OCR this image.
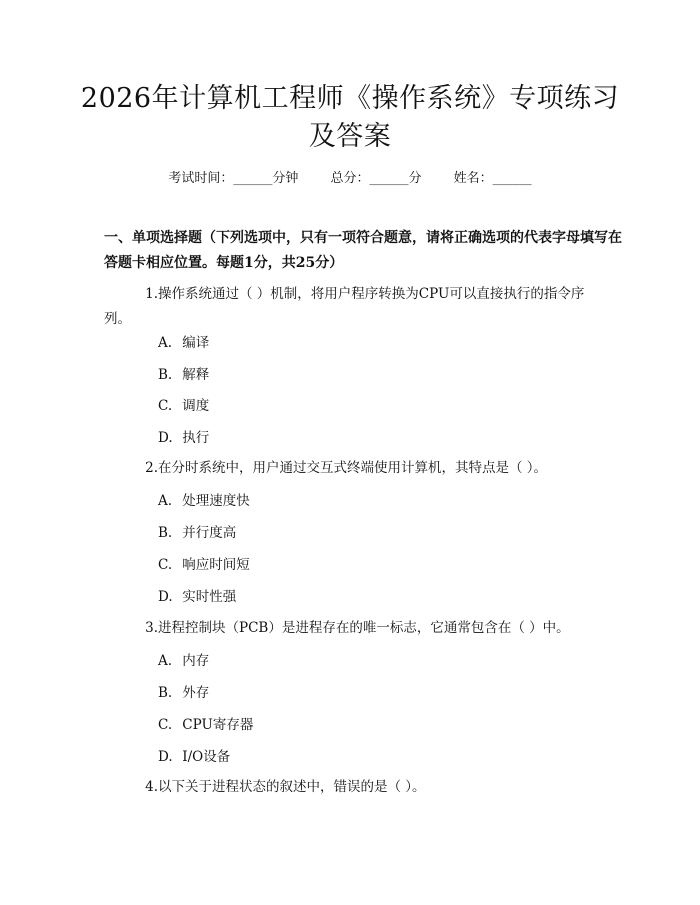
2026年计算机工程师《操作系统》专项练习
及答案
考试时间：______分钟 总分：______分 姓名：______
一、单项选择题（下列选项中，只有一项符合题意，请将正确选项的代表字母填写在答题卡相应位置。每题1分，共25分）
1.操作系统通过（ ）机制，将用户程序转换为CPU可以直接执行的指令序
列。
A. 编译
B. 解释
C. 调度
D. 执行
2.在分时系统中，用户通过交互式终端使用计算机，其特点是（ ）。
A. 处理速度快
B. 并行度高
C. 响应时间短
D. 实时性强
3.进程控制块（PCB）是进程存在的唯一标志，它通常包含在（ ）中。
A. 内存
B. 外存
C. CPU寄存器
D. I/O设备
4.以下关于进程状态的叙述中，错误的是（ ）。
